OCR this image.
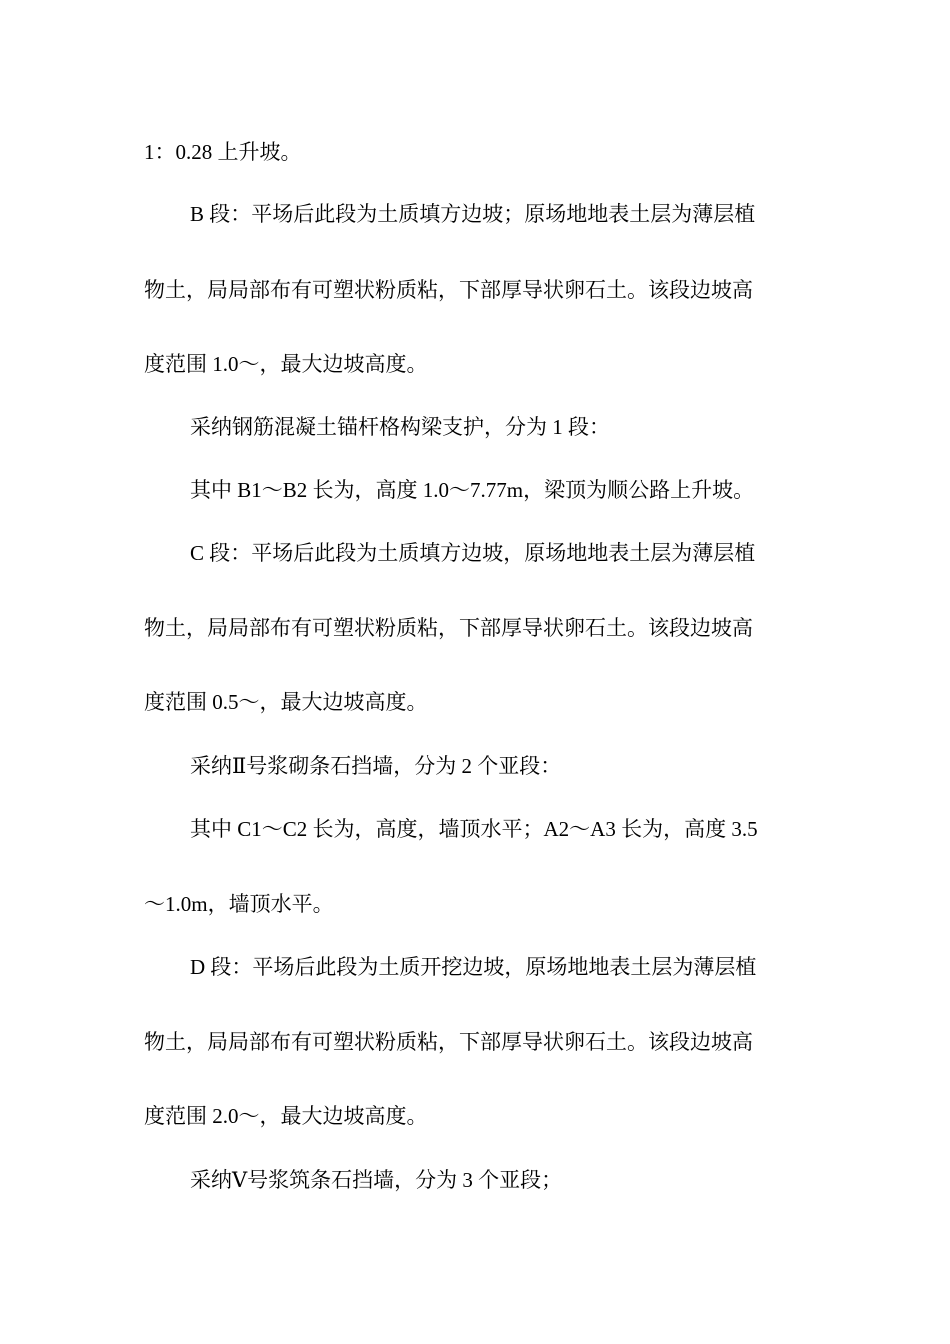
1：0.28 上升坡。
B 段：平场后此段为土质填方边坡；原场地地表土层为薄层植
物土，局局部布有可塑状粉质粘，下部厚导状卵石土。该段边坡高
度范围 1.0～，最大边坡高度。
采纳钢筋混凝土锚杆格构梁支护，分为 1 段：
其中 B1～B2 长为，高度 1.0～7.77m，梁顶为顺公路上升坡。
C 段：平场后此段为土质填方边坡，原场地地表土层为薄层植
物土，局局部布有可塑状粉质粘，下部厚导状卵石土。该段边坡高
度范围 0.5～，最大边坡高度。
采纳Ⅱ号浆砌条石挡墙，分为 2 个亚段：
其中 C1～C2 长为，高度，墙顶水平；A2～A3 长为，高度 3.5
～1.0m，墙顶水平。
D 段：平场后此段为土质开挖边坡，原场地地表土层为薄层植
物土，局局部布有可塑状粉质粘，下部厚导状卵石土。该段边坡高
度范围 2.0～，最大边坡高度。
采纳Ⅴ号浆筑条石挡墙，分为 3 个亚段；
